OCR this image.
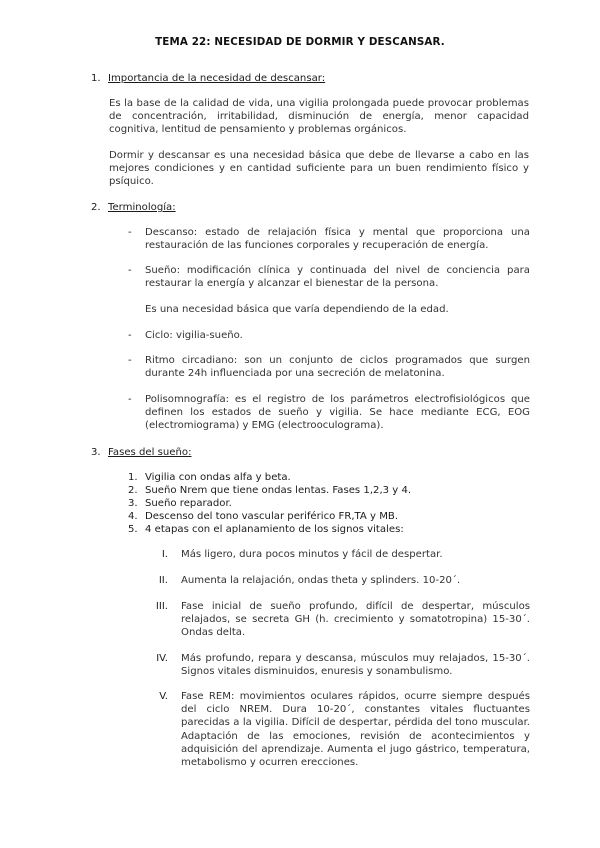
TEMA 22: NECESIDAD DE DORMIR Y DESCANSAR.
1. Importancia de la necesidad de descansar:
Es la base de la calidad de vida, una vigilia prolongada puede provocar problemas de concentración, irritabilidad, disminución de energía, menor capacidad cognitiva, lentitud de pensamiento y problemas orgánicos.
Dormir y descansar es una necesidad básica que debe de llevarse a cabo en las mejores condiciones y en cantidad suficiente para un buen rendimiento físico y psíquico.
2. Terminología:
- Descanso: estado de relajación física y mental que proporciona una restauración de las funciones corporales y recuperación de energía.
- Sueño: modificación clínica y continuada del nivel de conciencia para restaurar la energía y alcanzar el bienestar de la persona.
Es una necesidad básica que varía dependiendo de la edad.
- Ciclo: vigilia-sueño.
- Ritmo circadiano: son un conjunto de ciclos programados que surgen durante 24h influenciada por una secreción de melatonina.
- Polisomnografía: es el registro de los parámetros electrofisiológicos que definen los estados de sueño y vigilia. Se hace mediante ECG, EOG (electromiograma) y EMG (electrooculograma).
3. Fases del sueño:
1. Vigilia con ondas alfa y beta.
2. Sueño Nrem que tiene ondas lentas. Fases 1,2,3 y 4.
3. Sueño reparador.
4. Descenso del tono vascular periférico FR,TA y MB.
5. 4 etapas con el aplanamiento de los signos vitales:
I. Más ligero, dura pocos minutos y fácil de despertar.
II. Aumenta la relajación, ondas theta y splinders. 10-20´.
III. Fase inicial de sueño profundo, difícil de despertar, músculos relajados, se secreta GH (h. crecimiento y somatotropina) 15-30´. Ondas delta.
IV. Más profundo, repara y descansa, músculos muy relajados, 15-30´. Signos vitales disminuidos, enuresis y sonambulismo.
V. Fase REM: movimientos oculares rápidos, ocurre siempre después del ciclo NREM. Dura 10-20´, constantes vitales fluctuantes parecidas a la vigilia. Difícil de despertar, pérdida del tono muscular. Adaptación de las emociones, revisión de acontecimientos y adquisición del aprendizaje. Aumenta el jugo gástrico, temperatura, metabolismo y ocurren erecciones.
